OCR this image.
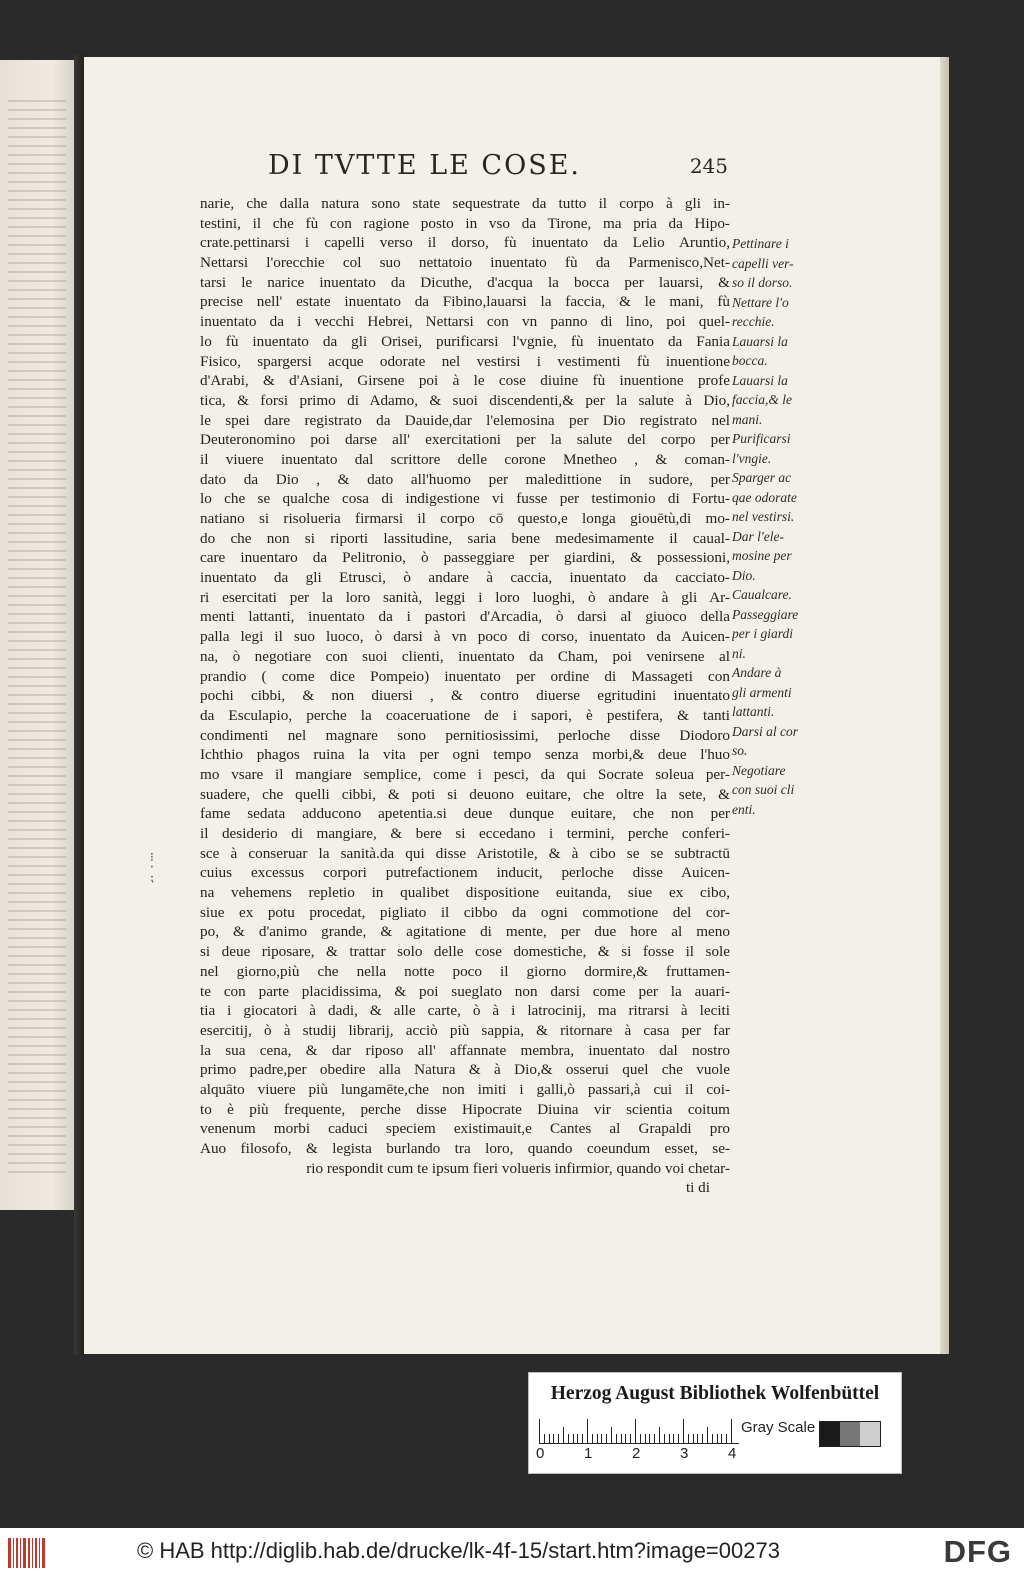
DI TVTTE LE COSE.	245
narie, che dalla natura sono state sequestrate da tutto il corpo à gli in-
testini, il che fù con ragione posto in vso da Tirone, ma pria da Hipo-
crate.pettinarsi i capelli verso il dorso, fù inuentato da Lelio Aruntio,
Nettarsi l'orecchie col suo nettatoio inuentato fù da Parmenisco,Net-
tarsi le narice inuentato da Dicuthe, d'acqua la bocca per lauarsi, &
precise nell' estate inuentato da Fibino,lauarsi la faccia, & le mani, fù
inuentato da i vecchi Hebrei, Nettarsi con vn panno di lino, poi quel-
lo fù inuentato da gli Orisei, purificarsi l'vgnie, fù inuentato da Fania
Fisico, spargersi acque odorate nel vestirsi i vestimenti fù inuentione
d'Arabi, & d'Asiani, Girsene poi à le cose diuine fù inuentione profe
tica, & forsi primo di Adamo, & suoi discendenti,& per la salute à Dio,
le spei dare registrato da Dauide,dar l'elemosina per Dio registrato nel
Deuteronomino poi darse all' exercitationi per la salute del corpo per
il viuere inuentato dal scrittore delle corone Mnetheo , & coman-
dato da Dio , & dato all'huomo per maledittione in sudore, per
lo che se qualche cosa di indigestione vi fusse per testimonio di Fortu-
natiano si risolueria firmarsi il corpo cō questo,e longa giouētù,di mo-
do che non si riporti lassitudine, saria bene medesimamente il caual-
care inuentaro da Pelitronio, ò passeggiare per giardini, & possessioni,
inuentato da gli Etrusci, ò andare à caccia, inuentato da cacciato-
ri esercitati per la loro sanità, leggi i loro luoghi, ò andare à gli Ar-
menti lattanti, inuentato da i pastori d'Arcadia, ò darsi al giuoco della
palla legi il suo luoco, ò darsi à vn poco di corso, inuentato da Auicen-
na, ò negotiare con suoi clienti, inuentato da Cham, poi venirsene al
prandio ( come dice Pompeio) inuentato per ordine di Massageti con
pochi cibbi, & non diuersi , & contro diuerse egritudini inuentato
da Esculapio, perche la coaceruatione de i sapori, è pestifera, & tanti
condimenti nel magnare sono pernitiosissimi, perloche disse Diodoro
Ichthio phagos ruina la vita per ogni tempo senza morbi,& deue l'huo
mo vsare il mangiare semplice, come i pesci, da qui Socrate soleua per-
suadere, che quelli cibbi, & poti si deuono euitare, che oltre la sete, &
fame sedata adducono apetentia.si deue dunque euitare, che non per
il desiderio di mangiare, & bere si eccedano i termini, perche conferi-
sce à conseruar la sanità.da qui disse Aristotile, & à cibo se se subtractū
cuius excessus corpori putrefactionem inducit, perloche disse Auicen-
na vehemens repletio in qualibet dispositione euitanda, siue ex cibo,
siue ex potu procedat, pigliato il cibbo da ogni commotione del cor-
po, & d'animo grande, & agitatione di mente, per due hore al meno
si deue riposare, & trattar solo delle cose domestiche, & si fosse il sole
nel giorno,più che nella notte poco il giorno dormire,& fruttamen-
te con parte placidissima, & poi sueglato non darsi come per la auari-
tia i giocatori à dadi, & alle carte, ò à i latrocinij, ma ritrarsi à leciti
esercitij, ò à studij librarij, acciò più sappia, & ritornare à casa per far
la sua cena, & dar riposo all' affannate membra, inuentato dal nostro
primo padre,per obedire alla Natura & à Dio,& osserui quel che vuole
alquāto viuere più lungamēte,che non imiti i galli,ò passari,à cui il coi-
to è più frequente, perche disse Hipocrate Diuina vir scientia coitum
venenum morbi caduci speciem existimauit,e Cantes al Grapaldi pro
Auo filosofo, & legista burlando tra loro, quando coeundum esset, se-
rio respondit cum te ipsum fieri volueris infirmior, quando voi chetar-
ti di
Pettinare i
capelli ver-
so il dorso.
Nettare l'o
recchie.
Lauarsi la
bocca.
Lauarsi la
faccia,& le
mani.
Purificarsi
l'vngie.
Sparger ac
qae odorate
nel vestirsi.
Dar l'ele-
mosine per
Dio.
Caualcare.
Passeggiare
per i giardi
ni.
Andare à
gli armenti
lattanti.
Darsi al cor
so.
Negotiare
con suoi cli
enti.
⁝
‧
⁏
Herzog August Bibliothek Wolfenbüttel
0	1	2	3	4
Gray Scale
© HAB http://diglib.hab.de/drucke/lk-4f-15/start.htm?image=00273	DFG
